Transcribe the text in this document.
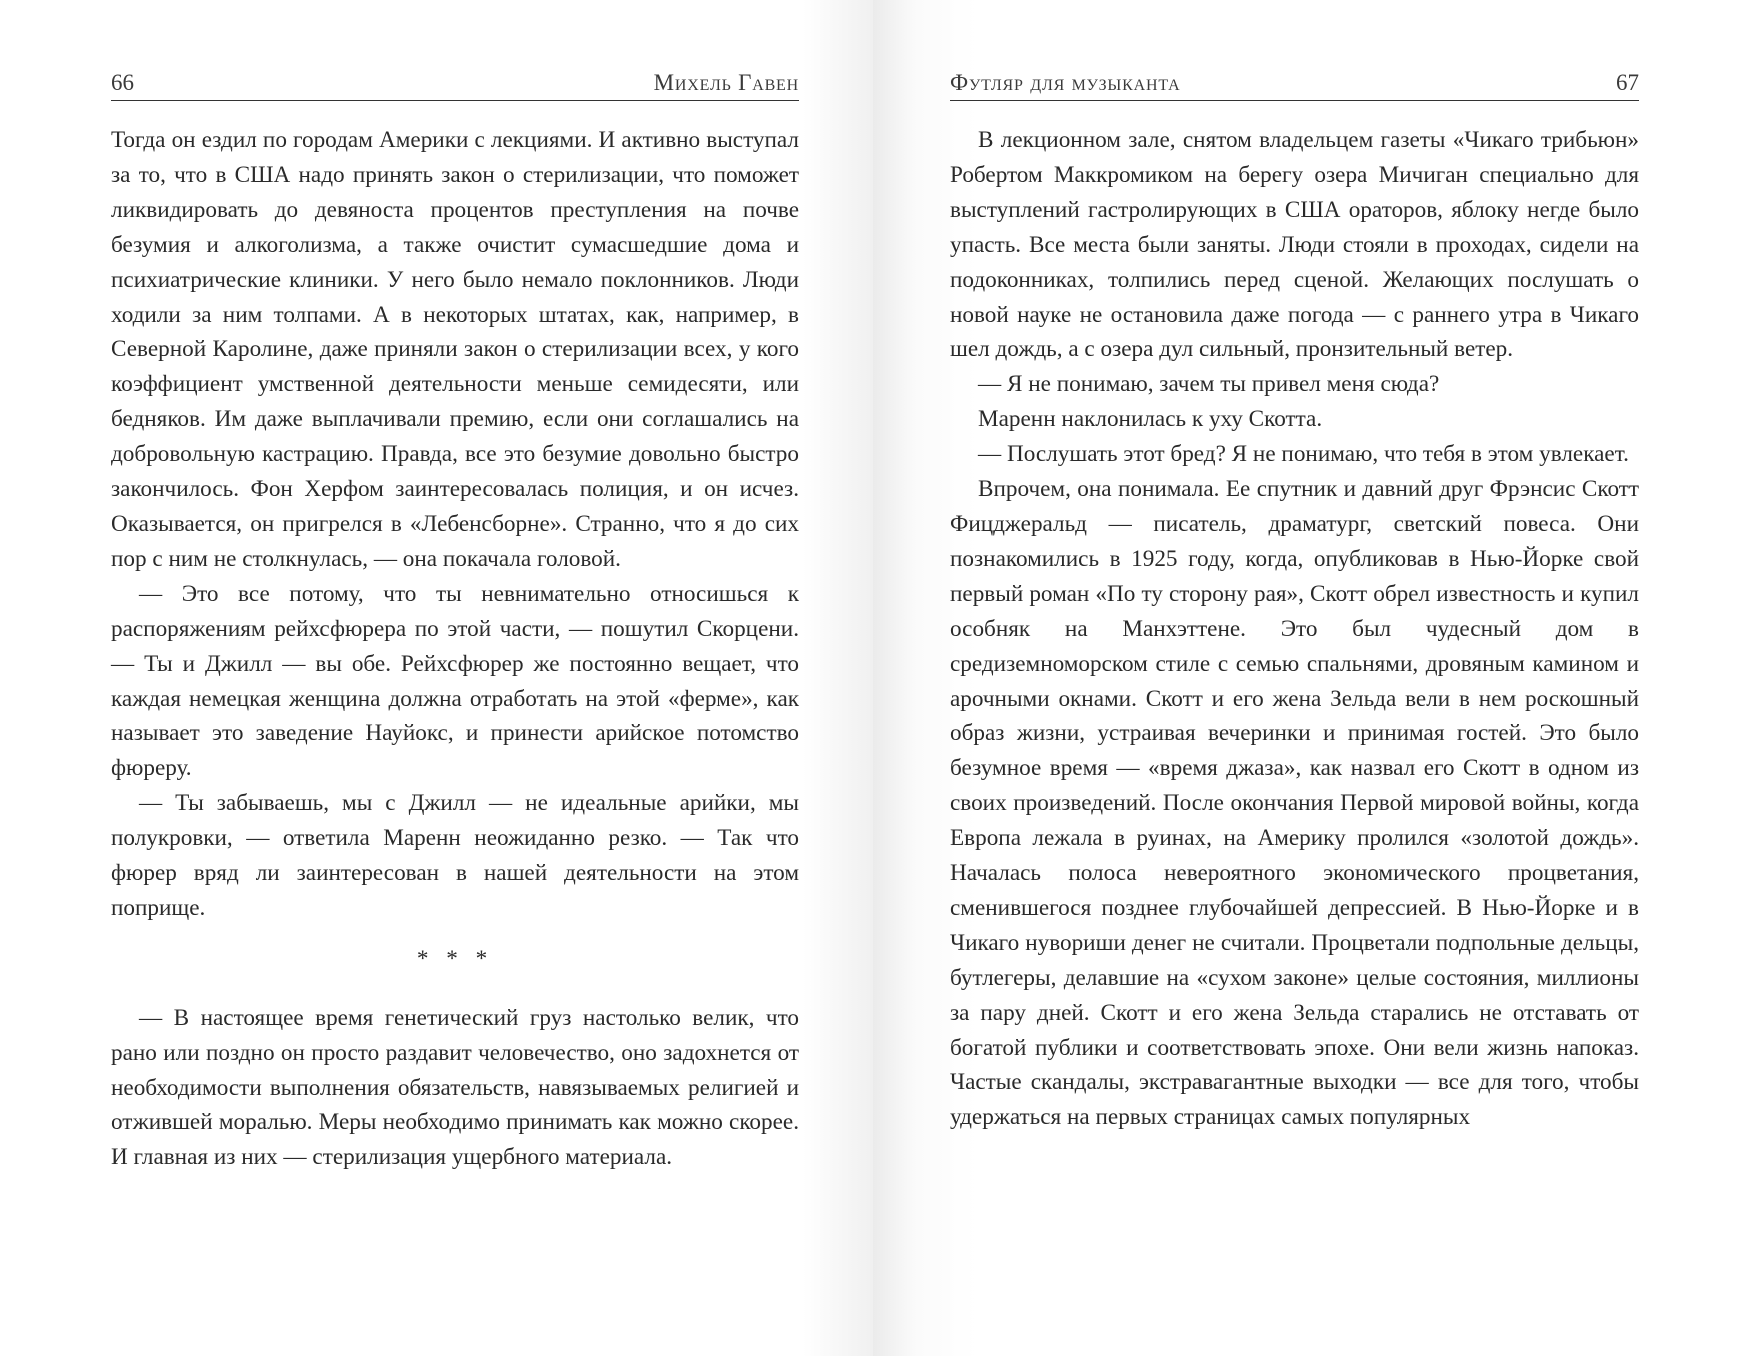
66	Михель Гавен

Тогда он ездил по городам Америки с лекциями. И активно выступал за то, что в США надо принять закон о стерилизации, что поможет ликвидировать до девяноста процентов преступления на почве безумия и алкоголизма, а также очистит сумасшедшие дома и психиатрические клиники. У него было немало поклонников. Люди ходили за ним толпами. А в некоторых штатах, как, например, в Северной Каролине, даже приняли закон о стерилизации всех, у кого коэффициент умственной деятельности меньше семидесяти, или бедняков. Им даже выплачивали премию, если они соглашались на добровольную кастрацию. Правда, все это безумие довольно быстро закончилось. Фон Херфом заинтересовалась полиция, и он исчез. Оказывается, он пригрелся в «Лебенсборне». Странно, что я до сих пор с ним не столкнулась, — она покачала головой.

— Это все потому, что ты невнимательно относишься к распоряжениям рейхсфюрера по этой части, — пошутил Скорцени. — Ты и Джилл — вы обе. Рейхсфюрер же постоянно вещает, что каждая немецкая женщина должна отработать на этой «ферме», как называет это заведение Науйокс, и принести арийское потомство фюреру.

— Ты забываешь, мы с Джилл — не идеальные арийки, мы полукровки, — ответила Маренн неожиданно резко. — Так что фюрер вряд ли заинтересован в нашей деятельности на этом поприще.

* * *

— В настоящее время генетический груз настолько велик, что рано или поздно он просто раздавит человечество, оно задохнется от необходимости выполнения обязательств, навязываемых религией и отжившей моралью. Меры необходимо принимать как можно скорее. И главная из них — стерилизация ущербного материала.

Футляр для музыканта	67

В лекционном зале, снятом владельцем газеты «Чикаго трибьюн» Робертом Маккромиком на берегу озера Мичиган специально для выступлений гастролирующих в США ораторов, яблоку негде было упасть. Все места были заняты. Люди стояли в проходах, сидели на подоконниках, толпились перед сценой. Желающих послушать о новой науке не остановила даже погода — с раннего утра в Чикаго шел дождь, а с озера дул сильный, пронзительный ветер.

— Я не понимаю, зачем ты привел меня сюда?

Маренн наклонилась к уху Скотта.

— Послушать этот бред? Я не понимаю, что тебя в этом увлекает.

Впрочем, она понимала. Ее спутник и давний друг Фрэнсис Скотт Фицджеральд — писатель, драматург, светский повеса. Они познакомились в 1925 году, когда, опубликовав в Нью-Йорке свой первый роман «По ту сторону рая», Скотт обрел известность и купил особняк на Манхэттене. Это был чудесный дом в средиземноморском стиле с семью спальнями, дровяным камином и арочными окнами. Скотт и его жена Зельда вели в нем роскошный образ жизни, устраивая вечеринки и принимая гостей. Это было безумное время — «время джаза», как назвал его Скотт в одном из своих произведений. После окончания Первой мировой войны, когда Европа лежала в руинах, на Америку пролился «золотой дождь». Началась полоса невероятного экономического процветания, сменившегося позднее глубочайшей депрессией. В Нью-Йорке и в Чикаго нувориши денег не считали. Процветали подпольные дельцы, бутлегеры, делавшие на «сухом законе» целые состояния, миллионы за пару дней. Скотт и его жена Зельда старались не отставать от богатой публики и соответствовать эпохе. Они вели жизнь напоказ. Частые скандалы, экстравагантные выходки — все для того, чтобы удержаться на первых страницах самых популярных
